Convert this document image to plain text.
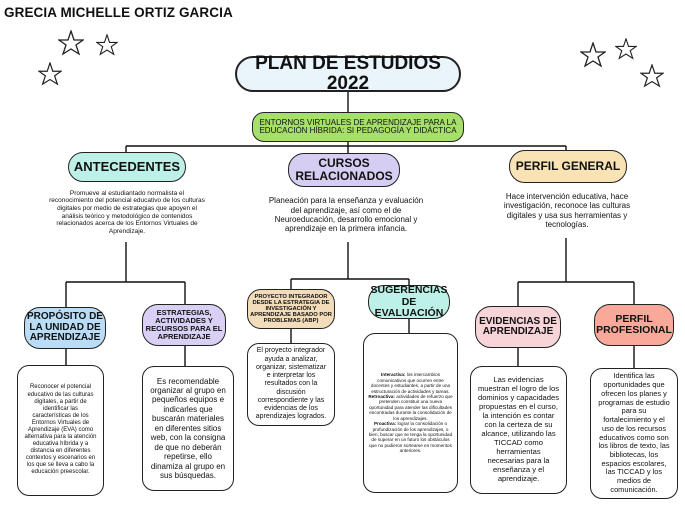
GRECIA MICHELLE ORTIZ GARCIA
PLAN DE ESTUDIOS 2022
ENTORNOS VIRTUALES DE APRENDIZAJE PARA LA EDUCACIÓN HÍBRIDA: SI PEDAGOGÍA Y DIDÁCTICA
ANTECEDENTES	CURSOS RELACIONADOS
PERFIL GENERAL
Promueve al estudiantado normalista el reconocimiento del potencial educativo de los culturas digitales por medio de estrategias que apoyen el análisis teórico y metodológico de contenidos relacionados acerca de los Entornos Virtuales de Aprendizaje.
Planeación para la enseñanza y evaluación del aprendizaje, así como el de Neuroeducación, desarrollo emocional y aprendizaje en la primera infancia.
Hace intervención educativa, hace investigación, reconoce las culturas digitales y usa sus herramientas y tecnologías.
PROPÓSITO DE LA UNIDAD DE APRENDIZAJE
ESTRATEGIAS, ACTIVIDADES Y RECURSOS PARA EL APRENDIZAJE
PROYECTO INTEGRADOR DESDE LA ESTRATEGIA DE INVESTIGACIÓN Y APRENDIZAJE BASADO POR PROBLEMAS (ABP)
SUGERENCIAS DE EVALUACIÓN
EVIDENCIAS DE APRENDIZAJE
PERFIL PROFESIONAL
Reconocer el potencial educativo de las culturas digitales, a partir de identificar las características de los Entornos Virtuales de Aprendizaje (EVA) como alternativa para la atención educativa híbrida y a distancia en diferentes contextos y escenarios en los que se lleva a cabo la educación preescolar.
Es recomendable organizar al grupo en pequeños equipos e indicarles que buscarán materiales en diferentes sitios web, con la consigna de que no deberán repetirse, ello dinamiza al grupo en sus búsquedas.
El proyecto integrador ayuda a analizar, organizar, sistematizar e interpretar los resultados con la discusión correspondiente y las evidencias de los aprendizajes logrados.
Interactiva: los intercambios comunicativos que ocurren entre docentes y estudiantes, a partir de una estructuración de actividades y tareas.
Retroactiva: actividades de refuerzo que pretenden constituir una nueva oportunidad para atender las dificultades encontradas durante la consolidación de los aprendizajes.
Proactiva: lograr la consolidación o profundización de los aprendizajes, o bien, buscar que se tenga la oportunidad de superar en un futuro los obstáculos que no pudieron sortearse en momentos anteriores.
Las evidencias muestran el logro de los dominios y capacidades propuestas en el curso, la intención es contar con la certeza de su alcance, utilizando las TICCAD como herramientas necesarias para la enseñanza y el aprendizaje.
Identifica las oportunidades que ofrecen los planes y programas de estudio para su fortalecimiento y el uso de los recursos educativos como son los libros de texto, las bibliotecas, los espacios escolares, las TICCAD y los medios de comunicación.
